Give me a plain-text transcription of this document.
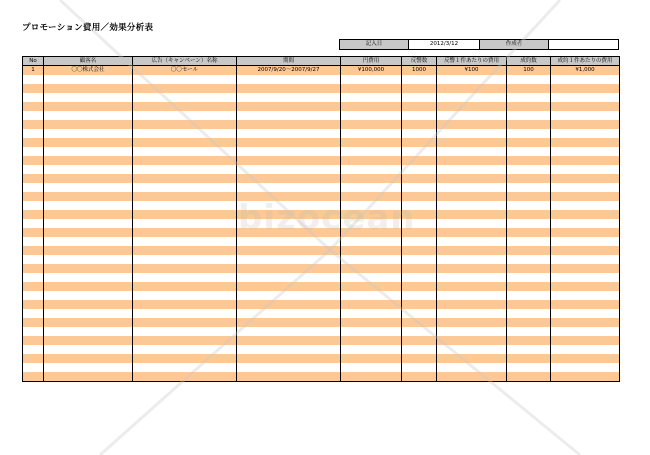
プロモーション費用／効果分析表
記入日	2012/3/12	作成者	
No	顧客名	広告（キャンペーン）名称	期間	円費用	反響数	反響１件あたりの費用	成約数	成約１件あたりの費用
1	〇〇株式会社	〇〇セール	2007/9/20〜2007/9/27	¥100,000	1000	¥100	100	¥1,000

bizocean
